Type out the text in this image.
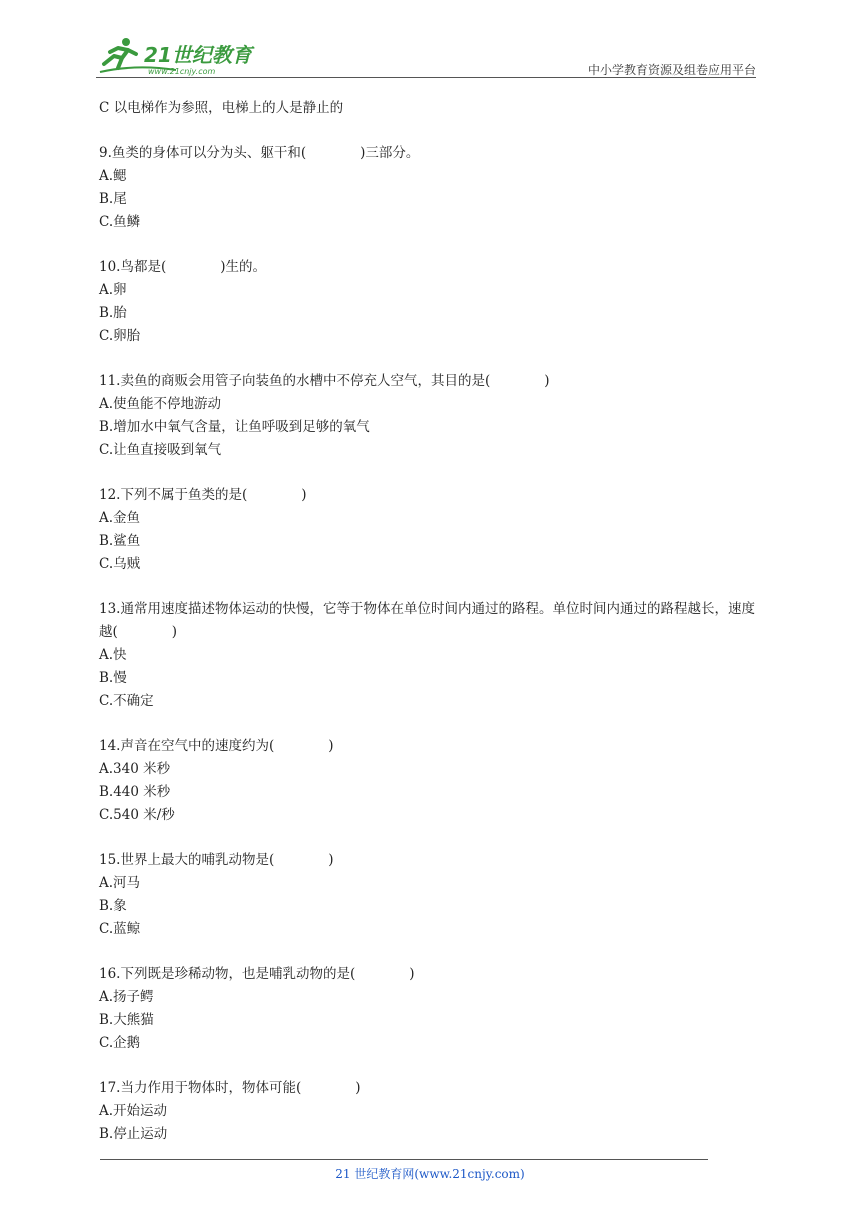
21世纪教育
www.21cnjy.com	中小学教育资源及组卷应用平台
C 以电梯作为参照，电梯上的人是静止的
9.鱼类的身体可以分为头、躯干和(　　　　)三部分。
A.鳃
B.尾
C.鱼鳞
10.鸟都是(　　　　)生的。
A.卵
B.胎
C.卵胎
11.卖鱼的商贩会用管子向装鱼的水槽中不停充人空气，其目的是(　　　　)
A.使鱼能不停地游动
B.增加水中氧气含量，让鱼呼吸到足够的氧气
C.让鱼直接吸到氧气
12.下列不属于鱼类的是(　　　　)
A.金鱼
B.鲨鱼
C.乌贼
13.通常用速度描述物体运动的快慢，它等于物体在单位时间内通过的路程。单位时间内通过的路程越长，速度越(　　　　)
A.快
B.慢
C.不确定
14.声音在空气中的速度约为(　　　　)
A.340 米秒
B.440 米秒
C.540 米/秒
15.世界上最大的哺乳动物是(　　　　)
A.河马
B.象
C.蓝鲸
16.下列既是珍稀动物，也是哺乳动物的是(　　　　)
A.扬子鳄
B.大熊猫
C.企鹅
17.当力作用于物体时，物体可能(　　　　)
A.开始运动
B.停止运动
21 世纪教育网(www.21cnjy.com)
